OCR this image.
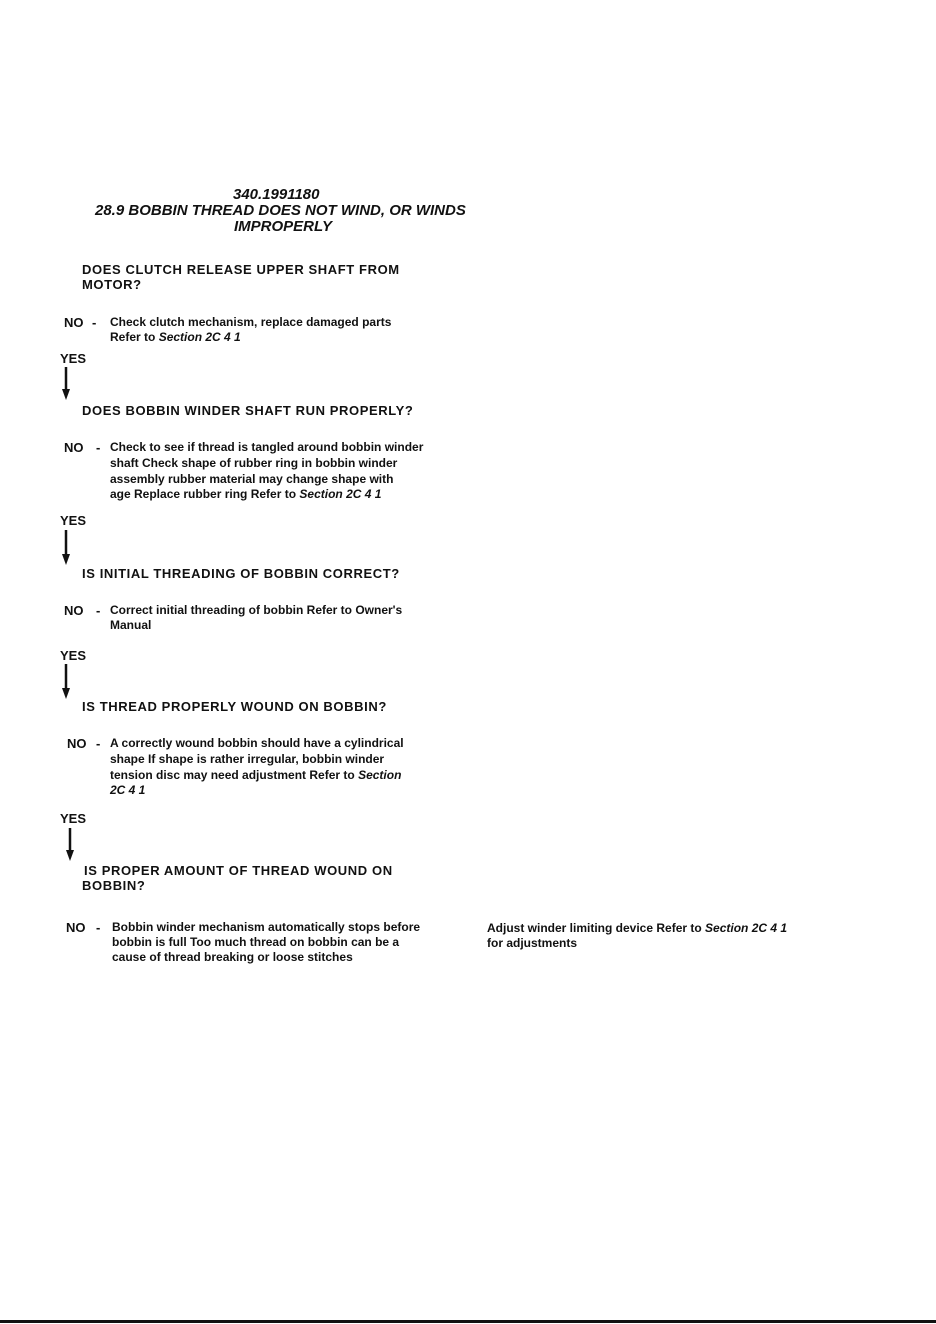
340.1991180
28.9 BOBBIN THREAD DOES NOT WIND, OR WINDS
IMPROPERLY
DOES CLUTCH RELEASE UPPER SHAFT FROM
MOTOR?
NO - Check clutch mechanism, replace damaged parts
Refer to Section 2C 4 1
YES
DOES BOBBIN WINDER SHAFT RUN PROPERLY?
NO - Check to see if thread is tangled around bobbin winder
shaft Check shape of rubber ring in bobbin winder
assembly rubber material may change shape with
age Replace rubber ring Refer to Section 2C 4 1
YES
IS INITIAL THREADING OF BOBBIN CORRECT?
NO - Correct initial threading of bobbin Refer to Owner's
Manual
YES
IS THREAD PROPERLY WOUND ON BOBBIN?
NO - A correctly wound bobbin should have a cylindrical
shape If shape is rather irregular, bobbin winder
tension disc may need adjustment Refer to Section
2C 4 1
YES
IS PROPER AMOUNT OF THREAD WOUND ON
BOBBIN?
NO - Bobbin winder mechanism automatically stops before
bobbin is full Too much thread on bobbin can be a
cause of thread breaking or loose stitches
Adjust winder limiting device Refer to Section 2C 4 1
for adjustments
